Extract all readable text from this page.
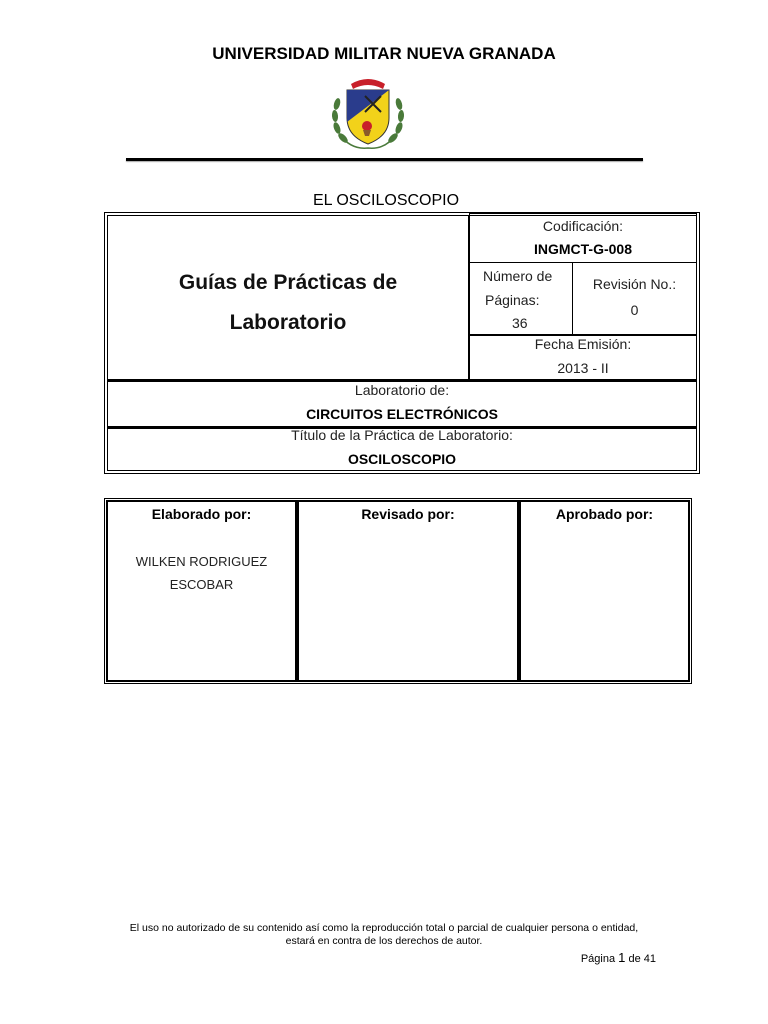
UNIVERSIDAD MILITAR NUEVA GRANADA
EL OSCILOSCOPIO
Guías de Prácticas de
Laboratorio
Codificación:
INGMCT-G-008
Número de
Páginas:
36
Revisión No.:
0
Fecha Emisión:
2013 - II
Laboratorio de:
CIRCUITOS ELECTRÓNICOS
Título de la Práctica de Laboratorio:
OSCILOSCOPIO
Elaborado por:
WILKEN RODRIGUEZ
ESCOBAR
Revisado por:	Aprobado por:
El uso no autorizado de su contenido así como la reproducción total o parcial de cualquier persona o entidad,
estará en contra de los derechos de autor.
Página 1 de 41
